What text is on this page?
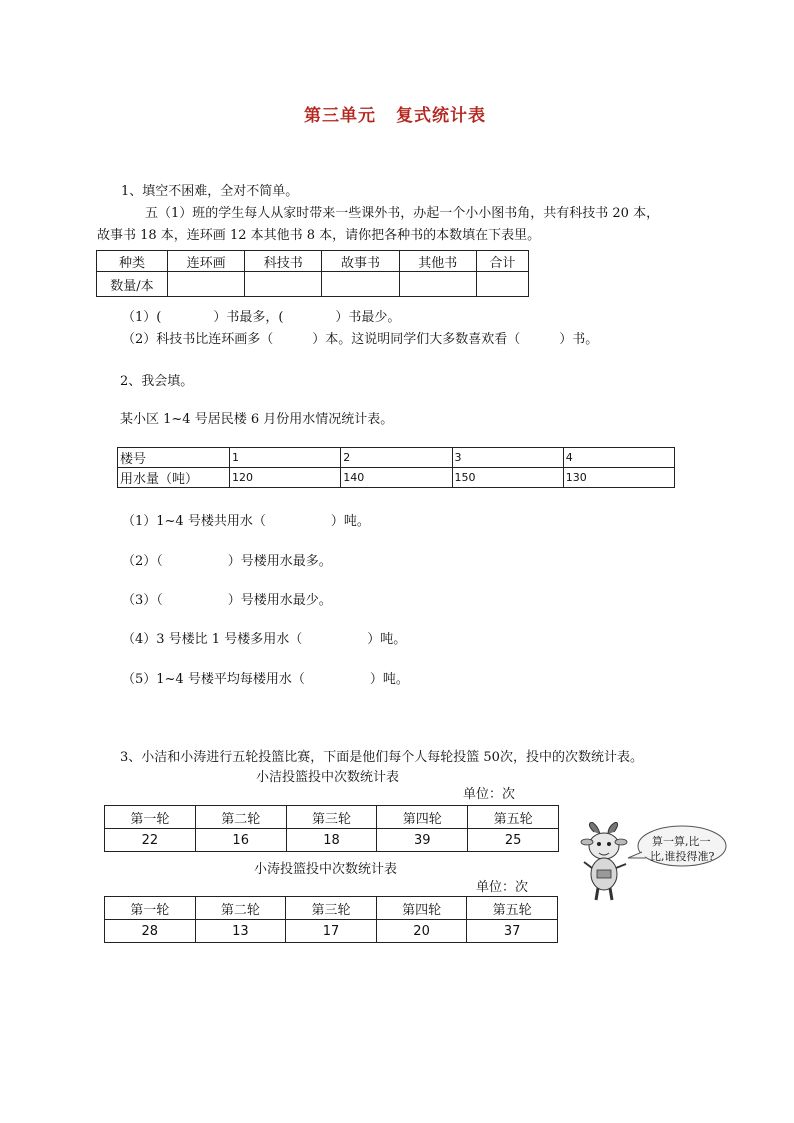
第三单元 复式统计表
1、填空不困难，全对不简单。
五（1）班的学生每人从家时带来一些课外书，办起一个小小图书角，共有科技书 20 本，
故事书 18 本，连环画 12 本其他书 8 本，请你把各种书的本数填在下表里。
种类	连环画	科技书	故事书	其他书	合计
数量/本					
（1）(　　　　）书最多，(　　　　）书最少。
（2）科技书比连环画多（　　　）本。这说明同学们大多数喜欢看（　　　）书。
2、我会填。
某小区 1~4 号居民楼 6 月份用水情况统计表。
楼号	1	2	3	4
用水量（吨）	120	140	150	130
（1）1~4 号楼共用水（　　　　　）吨。
（2）（　　　　　）号楼用水最多。
（3）（　　　　　）号楼用水最少。
（4）3 号楼比 1 号楼多用水（　　　　　）吨。
（5）1~4 号楼平均每楼用水（　　　　　）吨。
3、小洁和小涛进行五轮投篮比赛，下面是他们每个人每轮投篮 50次，投中的次数统计表。
小洁投篮投中次数统计表
单位：次
第一轮	第二轮	第三轮	第四轮	第五轮
22	16	18	39	25
小涛投篮投中次数统计表
单位：次
第一轮	第二轮	第三轮	第四轮	第五轮
28	13	17	20	37
算一算,比一
比,谁投得准?
